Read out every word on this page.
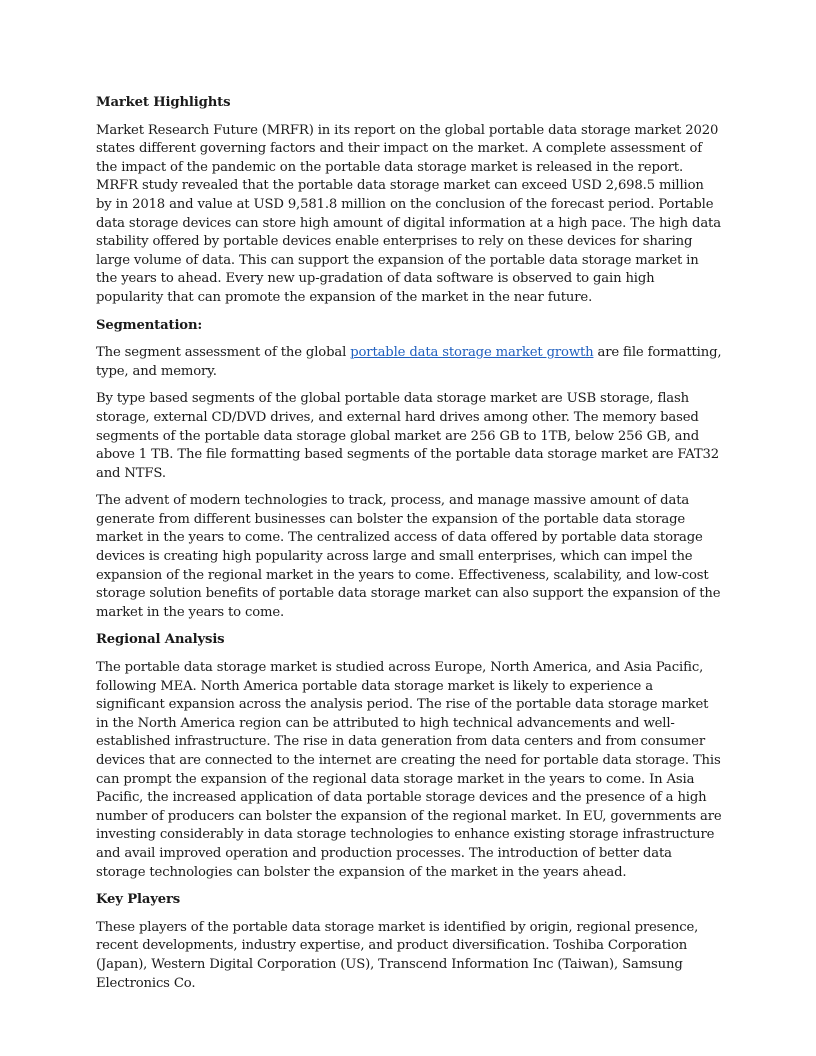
Market Highlights

Market Research Future (MRFR) in its report on the global portable data storage market 2020 states different governing factors and their impact on the market. A complete assessment of the impact of the pandemic on the portable data storage market is released in the report. MRFR study revealed that the portable data storage market can exceed USD 2,698.5 million by in 2018 and value at USD 9,581.8 million on the conclusion of the forecast period. Portable data storage devices can store high amount of digital information at a high pace. The high data stability offered by portable devices enable enterprises to rely on these devices for sharing large volume of data. This can support the expansion of the portable data storage market in the years to ahead. Every new up-gradation of data software is observed to gain high popularity that can promote the expansion of the market in the near future.

Segmentation:

The segment assessment of the global portable data storage market growth are file formatting, type, and memory.

By type based segments of the global portable data storage market are USB storage, flash storage, external CD/DVD drives, and external hard drives among other. The memory based segments of the portable data storage global market are 256 GB to 1TB, below 256 GB, and above 1 TB. The file formatting based segments of the portable data storage market are FAT32 and NTFS.

The advent of modern technologies to track, process, and manage massive amount of data generate from different businesses can bolster the expansion of the portable data storage market in the years to come. The centralized access of data offered by portable data storage devices is creating high popularity across large and small enterprises, which can impel the expansion of the regional market in the years to come. Effectiveness, scalability, and low-cost storage solution benefits of portable data storage market can also support the expansion of the market in the years to come.

Regional Analysis

The portable data storage market is studied across Europe, North America, and Asia Pacific, following MEA. North America portable data storage market is likely to experience a significant expansion across the analysis period. The rise of the portable data storage market in the North America region can be attributed to high technical advancements and well-established infrastructure. The rise in data generation from data centers and from consumer devices that are connected to the internet are creating the need for portable data storage. This can prompt the expansion of the regional data storage market in the years to come. In Asia Pacific, the increased application of data portable storage devices and the presence of a high number of producers can bolster the expansion of the regional market. In EU, governments are investing considerably in data storage technologies to enhance existing storage infrastructure and avail improved operation and production processes. The introduction of better data storage technologies can bolster the expansion of the market in the years ahead.

Key Players

These players of the portable data storage market is identified by origin, regional presence, recent developments, industry expertise, and product diversification. Toshiba Corporation (Japan), Western Digital Corporation (US), Transcend Information Inc (Taiwan), Samsung Electronics Co.
